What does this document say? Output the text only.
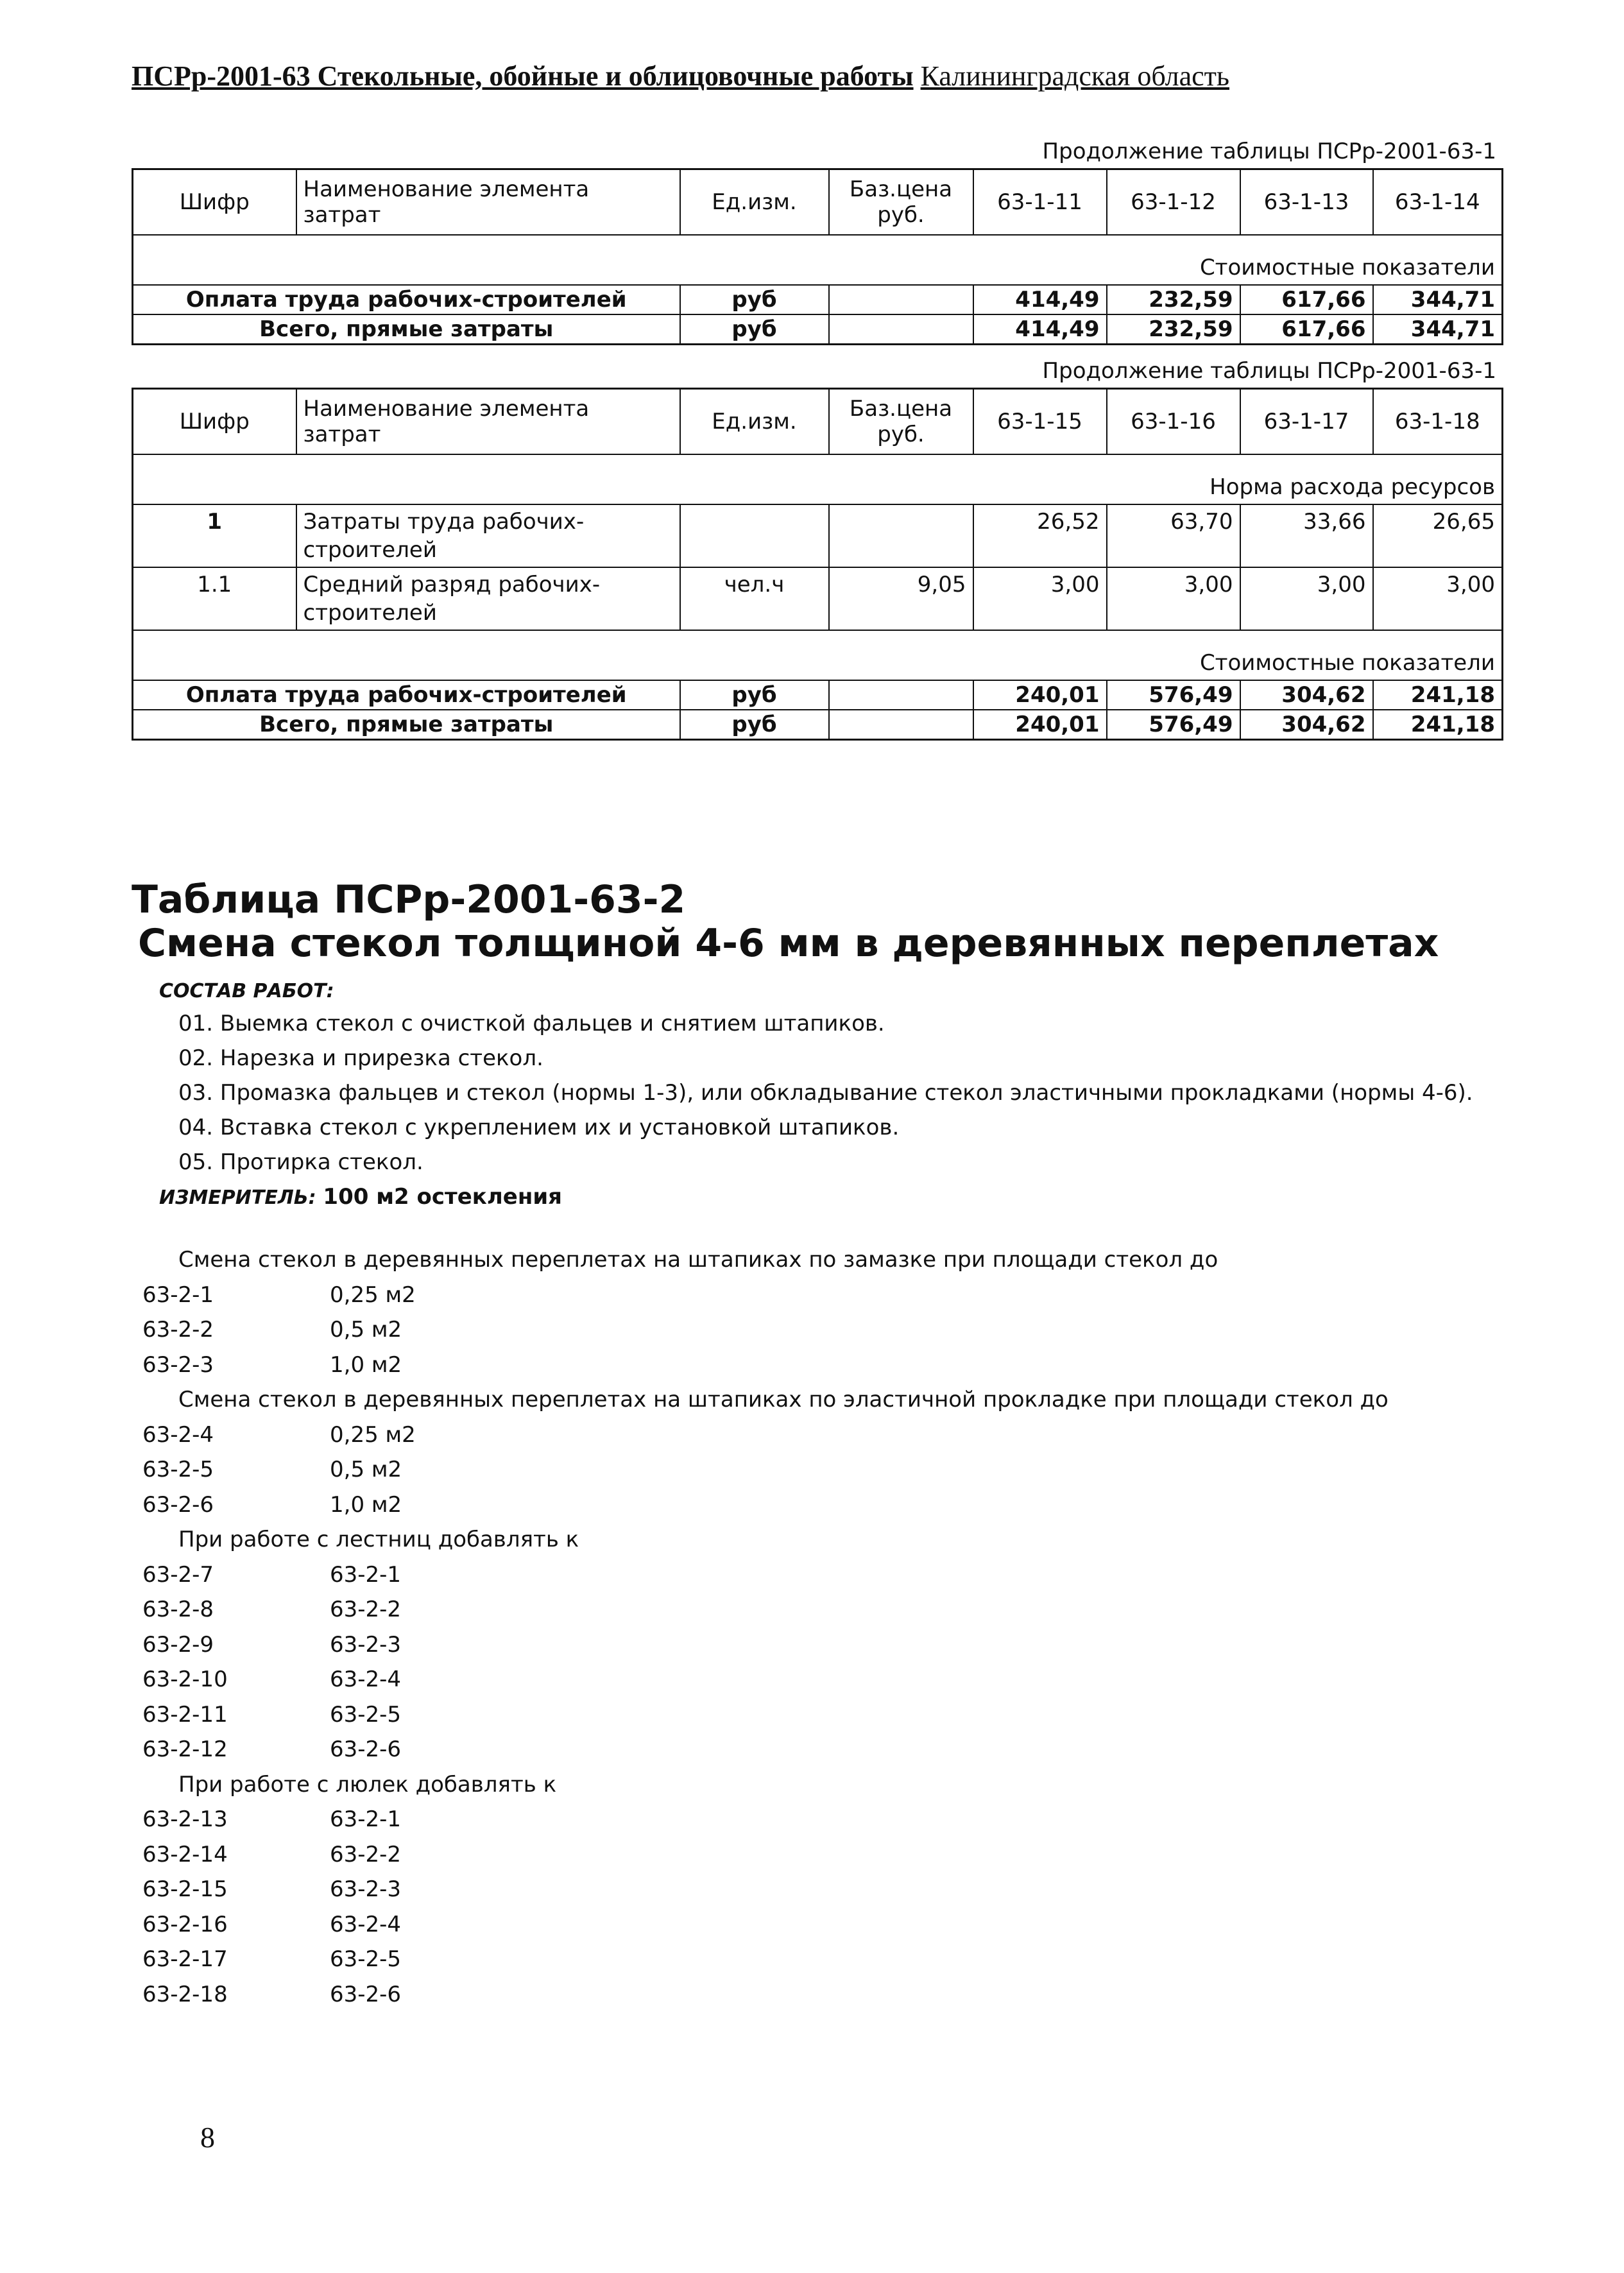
ПСРр-2001-63 Стекольные, обойные и облицовочные работы Калининградская область
Продолжение таблицы ПСРр-2001-63-1
Шифр	Наименование элемента затрат	Ед.изм.	Баз.цена руб.	63-1-11	63-1-12	63-1-13	63-1-14
Стоимостные показатели							
Оплата труда рабочих-строителей		руб		414,49	232,59	617,66	344,71
Всего, прямые затраты		руб		414,49	232,59	617,66	344,71
Продолжение таблицы ПСРр-2001-63-1
Шифр	Наименование элемента затрат	Ед.изм.	Баз.цена руб.	63-1-15	63-1-16	63-1-17	63-1-18
Норма расхода ресурсов							
1	Затраты труда рабочих-строителей			26,52	63,70	33,66	26,65
1.1	Средний разряд рабочих-строителей	чел.ч	9,05	3,00	3,00	3,00	3,00
Стоимостные показатели							
Оплата труда рабочих-строителей		руб		240,01	576,49	304,62	241,18
Всего, прямые затраты		руб		240,01	576,49	304,62	241,18
Таблица ПСРр-2001-63-2
Смена стекол толщиной 4-6 мм в деревянных переплетах
СОСТАВ РАБОТ:
01. Выемка стекол с очисткой фальцев и снятием штапиков.
02. Нарезка и прирезка стекол.
03. Промазка фальцев и стекол (нормы 1-3), или обкладывание стекол эластичными прокладками (нормы 4-6).
04. Вставка стекол с укреплением их и установкой штапиков.
05. Протирка стекол.
ИЗМЕРИТЕЛЬ: 100 м2 остекления
Смена стекол в деревянных переплетах на штапиках по замазке при площади стекол до
63-2-1	0,25 м2
63-2-2	0,5 м2
63-2-3	1,0 м2
Смена стекол в деревянных переплетах на штапиках по эластичной прокладке при площади стекол до
63-2-4	0,25 м2
63-2-5	0,5 м2
63-2-6	1,0 м2
При работе с лестниц добавлять к
63-2-7	63-2-1
63-2-8	63-2-2
63-2-9	63-2-3
63-2-10	63-2-4
63-2-11	63-2-5
63-2-12	63-2-6
При работе с люлек добавлять к
63-2-13	63-2-1
63-2-14	63-2-2
63-2-15	63-2-3
63-2-16	63-2-4
63-2-17	63-2-5
63-2-18	63-2-6
8
